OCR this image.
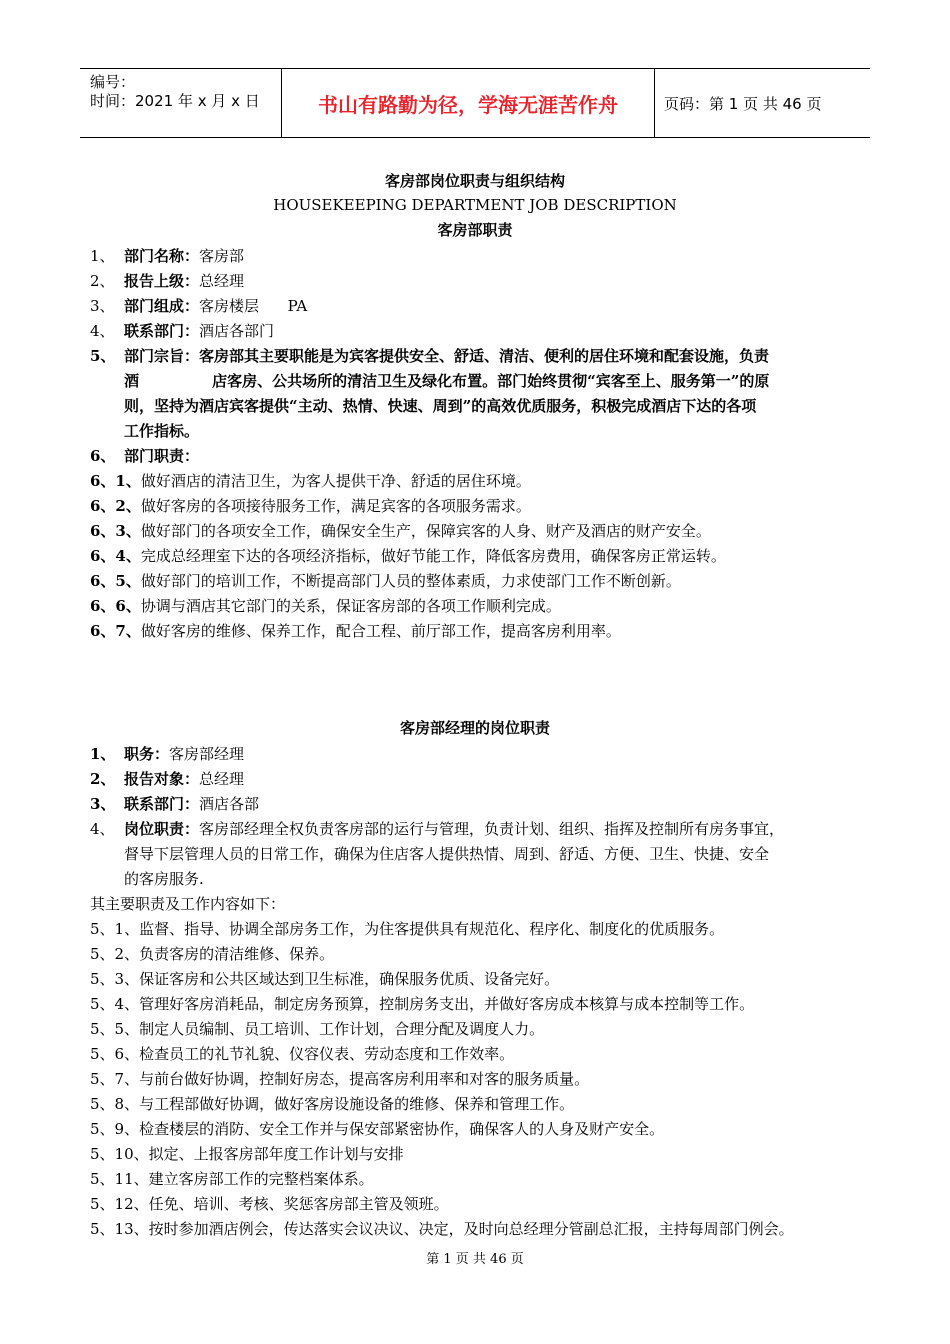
编号：
时间：2021 年 x 月 x 日	书山有路勤为径，学海无涯苦作舟	页码：第 1 页 共 46 页
客房部岗位职责与组织结构
HOUSEKEEPING DEPARTMENT JOB DESCRIPTION
客房部职责
1、 部门名称：客房部
2、 报告上级：总经理
3、 部门组成：客房楼层      PA
4、 联系部门：酒店各部门
5、 部门宗旨：客房部其主要职能是为宾客提供安全、舒适、清洁、便利的居住环境和配套设施，负责
酒              店客房、公共场所的清洁卫生及绿化布置。部门始终贯彻“宾客至上、服务第一”的原
则，坚持为酒店宾客提供“主动、热情、快速、周到”的高效优质服务，积极完成酒店下达的各项
工作指标。
6、 部门职责：
6、1、做好酒店的清洁卫生，为客人提供干净、舒适的居住环境。
6、2、做好客房的各项接待服务工作，满足宾客的各项服务需求。
6、3、做好部门的各项安全工作，确保安全生产，保障宾客的人身、财产及酒店的财产安全。
6、4、完成总经理室下达的各项经济指标，做好节能工作，降低客房费用，确保客房正常运转。
6、5、做好部门的培训工作，不断提高部门人员的整体素质，力求使部门工作不断创新。
6、6、协调与酒店其它部门的关系，保证客房部的各项工作顺利完成。
6、7、做好客房的维修、保养工作，配合工程、前厅部工作，提高客房利用率。
客房部经理的岗位职责
1、 职务：客房部经理
2、 报告对象：总经理
3、 联系部门：酒店各部
4、 岗位职责：客房部经理全权负责客房部的运行与管理，负责计划、组织、指挥及控制所有房务事宜，
督导下层管理人员的日常工作，确保为住店客人提供热情、周到、舒适、方便、卫生、快捷、安全
的客房服务.
其主要职责及工作内容如下：
5、1、监督、指导、协调全部房务工作，为住客提供具有规范化、程序化、制度化的优质服务。
5、2、负责客房的清洁维修、保养。
5、3、保证客房和公共区域达到卫生标准，确保服务优质、设备完好。
5、4、管理好客房消耗品，制定房务预算，控制房务支出，并做好客房成本核算与成本控制等工作。
5、5、制定人员编制、员工培训、工作计划，合理分配及调度人力。
5、6、检查员工的礼节礼貌、仪容仪表、劳动态度和工作效率。
5、7、与前台做好协调，控制好房态，提高客房利用率和对客的服务质量。
5、8、与工程部做好协调，做好客房设施设备的维修、保养和管理工作。
5、9、检查楼层的消防、安全工作并与保安部紧密协作，确保客人的人身及财产安全。
5、10、拟定、上报客房部年度工作计划与安排
5、11、建立客房部工作的完整档案体系。
5、12、任免、培训、考核、奖惩客房部主管及领班。
5、13、按时参加酒店例会，传达落实会议决议、决定，及时向总经理分管副总汇报，主持每周部门例会。
第 1 页 共 46 页
